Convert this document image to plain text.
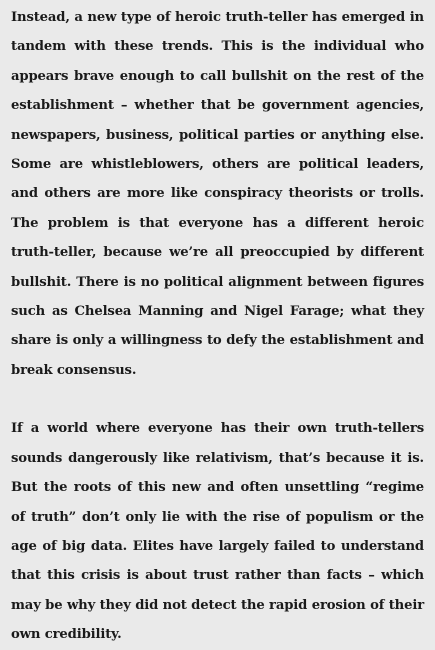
Instead, a new type of heroic truth-teller has emerged in tandem with these trends. This is the individual who appears brave enough to call bullshit on the rest of the establishment – whether that be government agencies, newspapers, business, political parties or anything else. Some are whistleblowers, others are political leaders, and others are more like conspiracy theorists or trolls. The problem is that everyone has a different heroic truth-teller, because we’re all preoccupied by different bullshit. There is no political alignment between figures such as Chelsea Manning and Nigel Farage; what they share is only a willingness to defy the establishment and break consensus.

If a world where everyone has their own truth-tellers sounds dangerously like relativism, that’s because it is. But the roots of this new and often unsettling “regime of truth” don’t only lie with the rise of populism or the age of big data. Elites have largely failed to understand that this crisis is about trust rather than facts – which may be why they did not detect the rapid erosion of their own credibility.
